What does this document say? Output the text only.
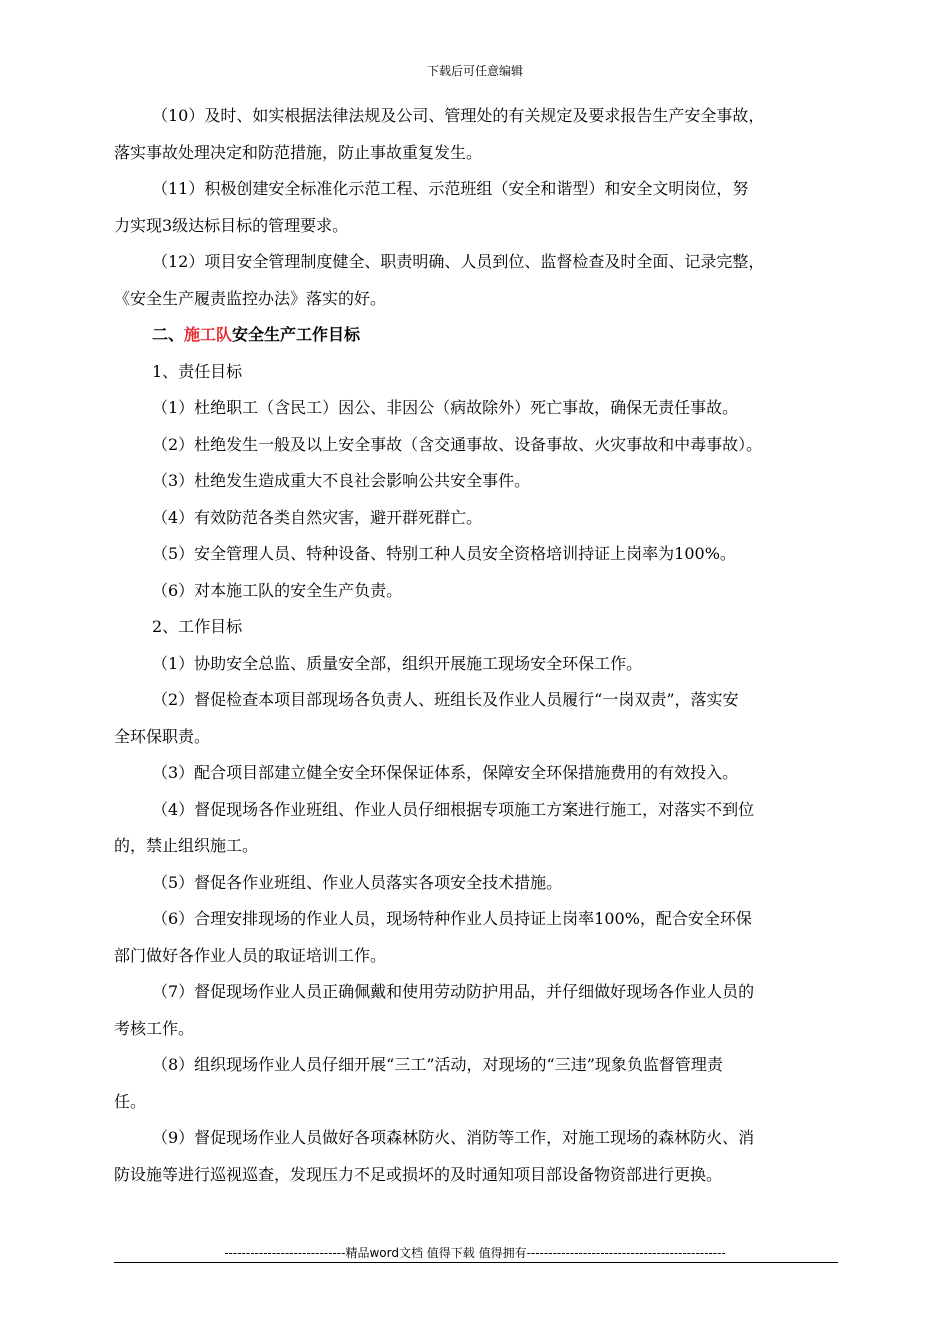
下载后可任意编辑

（10）及时、如实根据法律法规及公司、管理处的有关规定及要求报告生产安全事故，

落实事故处理决定和防范措施，防止事故重复发生。

（11）积极创建安全标准化示范工程、示范班组（安全和谐型）和安全文明岗位，努

力实现3级达标目标的管理要求。

（12）项目安全管理制度健全、职责明确、人员到位、监督检查及时全面、记录完整，

《安全生产履责监控办法》落实的好。

二、施工队安全生产工作目标

1、责任目标

（1）杜绝职工（含民工）因公、非因公（病故除外）死亡事故，确保无责任事故。

（2）杜绝发生一般及以上安全事故（含交通事故、设备事故、火灾事故和中毒事故）。

（3）杜绝发生造成重大不良社会影响公共安全事件。

（4）有效防范各类自然灾害，避开群死群亡。

（5）安全管理人员、特种设备、特别工种人员安全资格培训持证上岗率为100%。

（6）对本施工队的安全生产负责。

2、工作目标

（1）协助安全总监、质量安全部，组织开展施工现场安全环保工作。

（2）督促检查本项目部现场各负责人、班组长及作业人员履行“一岗双责”，落实安

全环保职责。

（3）配合项目部建立健全安全环保保证体系，保障安全环保措施费用的有效投入。

（4）督促现场各作业班组、作业人员仔细根据专项施工方案进行施工，对落实不到位

的，禁止组织施工。

（5）督促各作业班组、作业人员落实各项安全技术措施。

（6）合理安排现场的作业人员，现场特种作业人员持证上岗率100%，配合安全环保

部门做好各作业人员的取证培训工作。

（7）督促现场作业人员正确佩戴和使用劳动防护用品，并仔细做好现场各作业人员的

考核工作。

（8）组织现场作业人员仔细开展“三工”活动，对现场的“三违”现象负监督管理责

任。

（9）督促现场作业人员做好各项森林防火、消防等工作，对施工现场的森林防火、消

防设施等进行巡视巡查，发现压力不足或损坏的及时通知项目部设备物资部进行更换。

----------------------------精品word文档 值得下载 值得拥有----------------------------------------------
